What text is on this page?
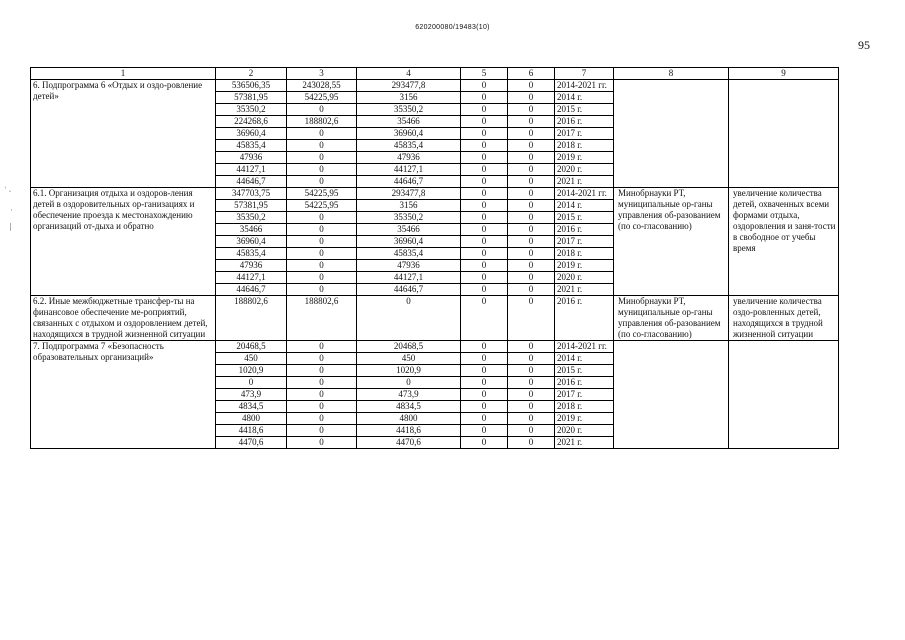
620200080/19483(10)
95
ʿ ˴
ˈ
|
1	2	3	4	5	6	7	8	9
6. Подпрограмма 6 «Отдых и оздо-ровление детей»	536506,35	243028,55	293477,8	0	0	2014-2021 гг.		
	57381,95	54225,95	3156	0	0	2014 г.		
	35350,2	0	35350,2	0	0	2015 г.		
	224268,6	188802,6	35466	0	0	2016 г.		
	36960,4	0	36960,4	0	0	2017 г.		
	45835,4	0	45835,4	0	0	2018 г.		
	47936	0	47936	0	0	2019 г.		
	44127,1	0	44127,1	0	0	2020 г.		
	44646,7	0	44646,7	0	0	2021 г.		
6.1. Организация отдыха и оздоров-ления детей в оздоровительных ор-ганизациях и обеспечение проезда к местонахождению организаций от-дыха и обратно	347703,75	54225,95	293477,8	0	0	2014-2021 гг.	Минобрнауки РТ, муниципальные ор-ганы управления об-разованием (по со-гласованию)	увеличение количества детей, охваченных всеми формами отдыха, оздоровления и заня-тости в свободное от учебы время
	57381,95	54225,95	3156	0	0	2014 г.		
	35350,2	0	35350,2	0	0	2015 г.		
	35466	0	35466	0	0	2016 г.		
	36960,4	0	36960,4	0	0	2017 г.		
	45835,4	0	45835,4	0	0	2018 г.		
	47936	0	47936	0	0	2019 г.		
	44127,1	0	44127,1	0	0	2020 г.		
	44646,7	0	44646,7	0	0	2021 г.		
6.2. Иные межбюджетные трансфер-ты на финансовое обеспечение ме-роприятий, связанных с отдыхом и оздоровлением детей, находящихся в трудной жизненной ситуации	188802,6	188802,6	0	0	0	2016 г.	Минобрнауки РТ, муниципальные ор-ганы управления об-разованием (по со-гласованию)	увеличение количества оздо-ровленных детей, находящихся в трудной жизненной ситуации
7. Подпрограмма 7 «Безопасность образовательных организаций»	20468,5	0	20468,5	0	0	2014-2021 гг.		
	450	0	450	0	0	2014 г.		
	1020,9	0	1020,9	0	0	2015 г.		
	0	0	0	0	0	2016 г.		
	473,9	0	473,9	0	0	2017 г.		
	4834,5	0	4834,5	0	0	2018 г.		
	4800	0	4800	0	0	2019 г.		
	4418,6	0	4418,6	0	0	2020 г.		
	4470,6	0	4470,6	0	0	2021 г.		
